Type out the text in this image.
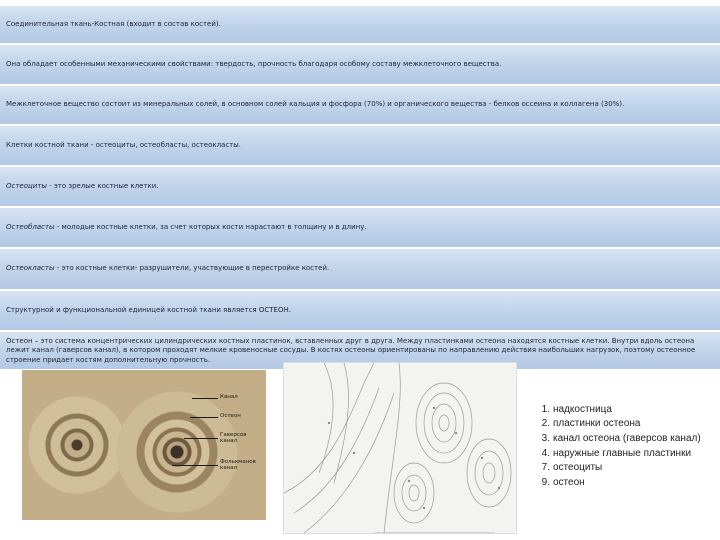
Соединительная ткань-Костная (входит в состав костей).
Она обладает особенными механическими свойствами: твердость, прочность благодаря особому составу межклеточного вещества.
Межклеточное вещество состоит из минеральных солей, в основном солей кальция и фосфора (70%) и органического вещества - белков оссеина и коллагена (30%).
Клетки костной ткани - остеоциты, остеобласты, остеокласты.
Остеоциты - это зрелые костные клетки.
Остеобласты - молодые костные клетки, за счет которых кости нарастают в толщину и в длину.
Остеокласты - это костные клетки- разрушители, участвующие в перестройке костей.
Структурной и функциональной единицей костной ткани является ОСТЕОН.
Остеон – это система концентрических цилиндрических костных пластинок, вставленных друг в друга. Между пластинками остеона находятся костные клетки. Внутри вдоль остеона лежит канал (гаверсов канал), в котором проходят мелкие кровеносные сосуды. В костях остеоны ориентированы по направлению действия наибольших нагрузок, поэтому остеонное строение придает костям дополнительную прочность.
Канал
Остеон
Гаверсов канал
Фолькманов канал
1. надкостница
2. пластинки остеона
3. канал остеона (гаверсов канал)
4. наружные главные пластинки
7. остеоциты
9. остеон
